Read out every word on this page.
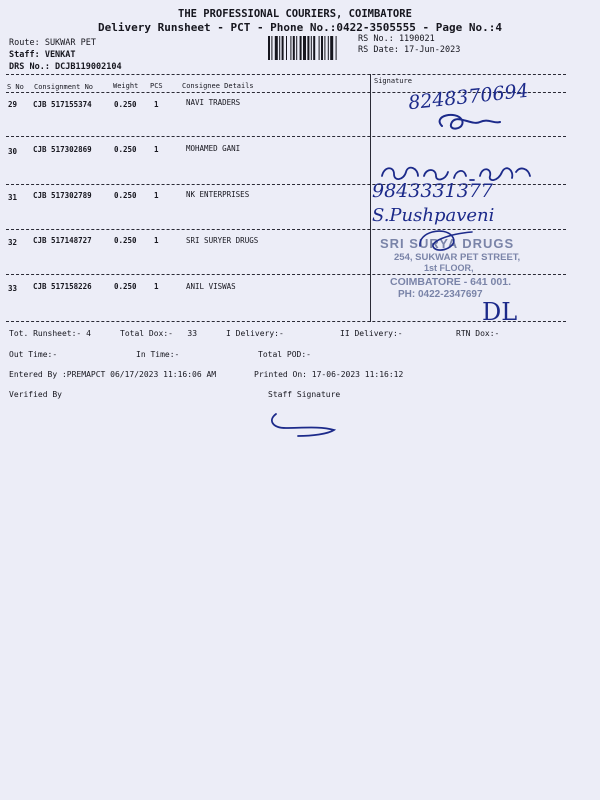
THE PROFESSIONAL COURIERS, COIMBATORE
Delivery Runsheet - PCT - Phone No.:0422-3505555 - Page No.:4
Route: SUKWAR PET
Staff: VENKAT
DRS No.: DCJB119002104
RS No.: 1190021
RS Date: 17-Jun-2023
S No Consignment No	Weight PCS	Consignee Details
Signature
29 CJB 517155374	0.250 1	NAVI TRADERS
30 CJB 517302869	0.250 1	MOHAMED GANI
31 CJB 517302789	0.250 1	NK ENTERPRISES
32 CJB 517148727	0.250 1	SRI SURYER DRUGS
33 CJB 517158226	0.250 1	ANIL VISWAS
8248370694
9843331377
S.Pushpaveni
SRI SURYA DRUGS
254, SUKWAR PET STREET,
1st FLOOR,
COIMBATORE - 641 001.
PH: 0422-2347697
DL
Tot. Runsheet:- 4	Total Dox:-   33	I Delivery:-	II Delivery:-	RTN Dox:-
Out Time:-	In Time:-	Total POD:-
Entered By :PREMAPCT 06/17/2023 11:16:06 AM	Printed On: 17-06-2023 11:16:12
Verified By	Staff Signature
